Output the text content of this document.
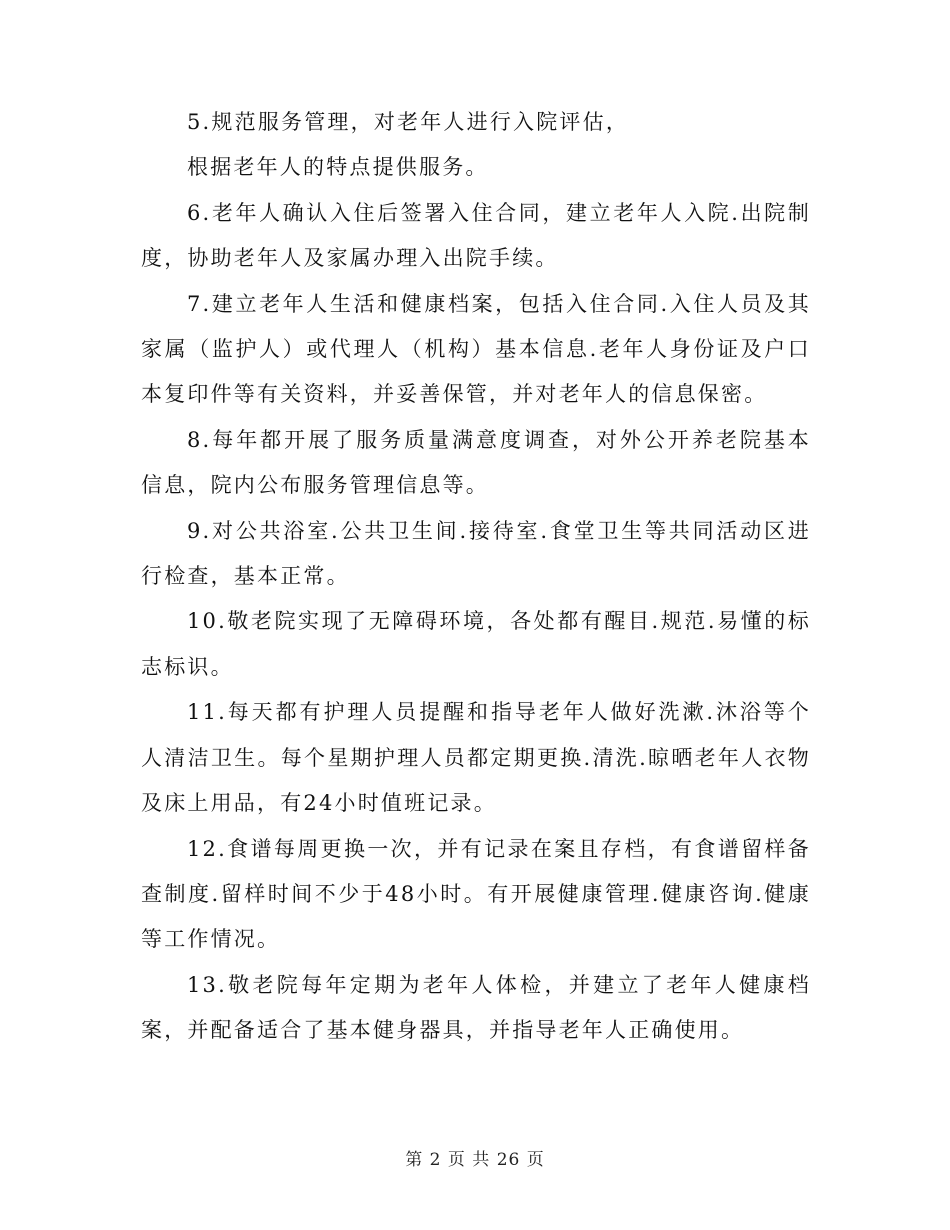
5.规范服务管理，对老年人进行入院评估，

根据老年人的特点提供服务。

6.老年人确认入住后签署入住合同，建立老年人入院.出院制度，协助老年人及家属办理入出院手续。

7.建立老年人生活和健康档案，包括入住合同.入住人员及其家属（监护人）或代理人（机构）基本信息.老年人身份证及户口本复印件等有关资料，并妥善保管，并对老年人的信息保密。

8.每年都开展了服务质量满意度调查，对外公开养老院基本信息，院内公布服务管理信息等。

9.对公共浴室.公共卫生间.接待室.食堂卫生等共同活动区进行检查，基本正常。

10.敬老院实现了无障碍环境，各处都有醒目.规范.易懂的标志标识。

11.每天都有护理人员提醒和指导老年人做好洗漱.沐浴等个人清洁卫生。每个星期护理人员都定期更换.清洗.晾晒老年人衣物及床上用品，有24小时值班记录。

12.食谱每周更换一次，并有记录在案且存档，有食谱留样备查制度.留样时间不少于48小时。有开展健康管理.健康咨询.健康等工作情况。

13.敬老院每年定期为老年人体检，并建立了老年人健康档案，并配备适合了基本健身器具，并指导老年人正确使用。

第 2 页 共 26 页
